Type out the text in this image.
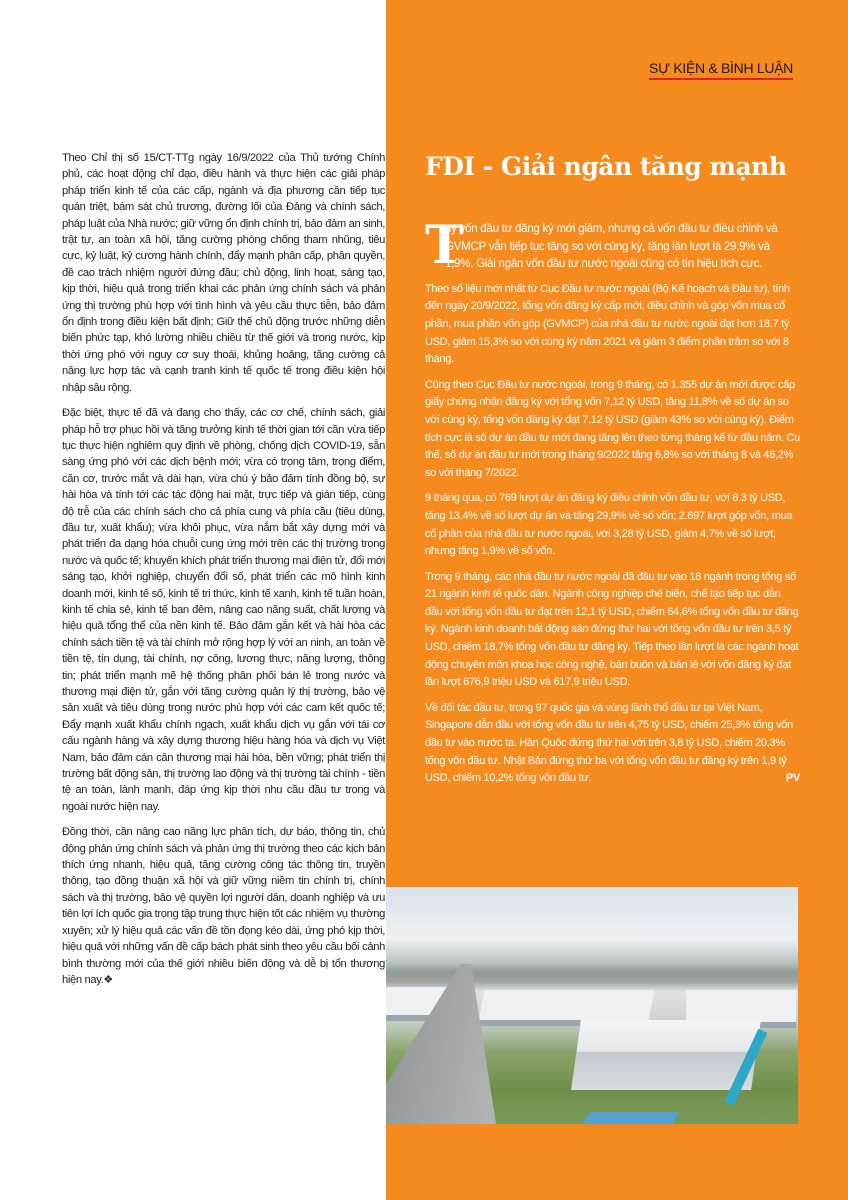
Theo Chỉ thị số 15/CT-TTg ngày 16/9/2022 của Thủ tướng Chính phủ, các hoạt động chỉ đạo, điều hành và thực hiện các giải pháp pháp triển kinh tế của các cấp, ngành và địa phương cần tiếp tục quán triệt, bám sát chủ trương, đường lối của Đảng và chính sách, pháp luật của Nhà nước; giữ vững ổn định chính trị, bảo đảm an sinh, trật tự, an toàn xã hội, tăng cường phòng chống tham nhũng, tiêu cực, kỷ luật, kỷ cương hành chính, đẩy mạnh phân cấp, phân quyền, đề cao trách nhiệm người đứng đầu; chủ động, linh hoạt, sáng tạo, kịp thời, hiệu quả trong triển khai các phản ứng chính sách và phản ứng thị trường phù hợp với tình hình và yêu cầu thực tiễn, bảo đảm ổn định trong điều kiện bất định; Giữ thế chủ động trước những diễn biến phức tạp, khó lường nhiều chiều từ thế giới và trong nước, kịp thời ứng phó với nguy cơ suy thoái, khủng hoảng, tăng cường cả năng lực hợp tác và cạnh tranh kinh tế quốc tế trong điều kiện hội nhập sâu rộng.

Đặc biệt, thực tế đã và đang cho thấy, các cơ chế, chính sách, giải pháp hỗ trợ phục hồi và tăng trưởng kinh tế thời gian tới cần vừa tiếp tục thực hiện nghiêm quy định về phòng, chống dịch COVID-19, sẵn sàng ứng phó với các dịch bệnh mới; vừa có trọng tâm, trọng điểm, căn cơ, trước mắt và dài hạn, vừa chú ý bảo đảm tính đồng bộ, sự hài hòa và tính tới các tác động hai mặt, trực tiếp và gián tiếp, cùng độ trễ của các chính sách cho cả phía cung và phía cầu (tiêu dùng, đầu tư, xuất khẩu); vừa khôi phục, vừa nắm bắt xây dựng mới và phát triển đa dạng hóa chuỗi cung ứng mới trên các thị trường trong nước và quốc tế; khuyến khích phát triển thương mại điện tử, đổi mới sáng tạo, khởi nghiệp, chuyển đổi số, phát triển các mô hình kinh doanh mới, kinh tế số, kinh tế tri thức, kinh tế xanh, kinh tế tuần hoàn, kinh tế chia sẻ, kinh tế ban đêm, nâng cao năng suất, chất lượng và hiệu quả tổng thể của nền kinh tế. Bảo đảm gắn kết và hài hòa các chính sách tiền tệ và tài chính mở rộng hợp lý với an ninh, an toàn về tiền tệ, tín dụng, tài chính, nợ công, lương thực, năng lượng, thông tin; phát triển mạnh mẽ hệ thống phân phối bán lẻ trong nước và thương mại điện tử, gắn với tăng cường quản lý thị trường, bảo vệ sản xuất và tiêu dùng trong nước phù hợp với các cam kết quốc tế; Đẩy mạnh xuất khẩu chính ngạch, xuất khẩu dịch vụ gắn với tái cơ cấu ngành hàng và xây dựng thương hiệu hàng hóa và dịch vụ Việt Nam, bảo đảm cán cân thương mại hài hòa, bền vững; phát triển thị trường bất động sản, thị trường lao động và thị trường tài chính - tiền tệ an toàn, lành mạnh, đáp ứng kịp thời nhu cầu đầu tư trong và ngoài nước hiện nay.

Đồng thời, cần nâng cao năng lực phân tích, dự báo, thông tin, chủ động phản ứng chính sách và phản ứng thị trường theo các kịch bản thích ứng nhanh, hiệu quả, tăng cường công tác thông tin, truyền thông, tạo đồng thuận xã hội và giữ vững niềm tin chính trị, chính sách và thị trường, bảo vệ quyền lợi người dân, doanh nghiệp và ưu tiên lợi ích quốc gia trọng tập trung thực hiện tốt các nhiệm vụ thường xuyên; xử lý hiệu quả các vấn đề tồn đọng kéo dài, ứng phó kịp thời, hiệu quả với những vấn đề cấp bách phát sinh theo yêu cầu bối cảnh bình thường mới của thế giới nhiều biến động và dễ bị tổn thương hiện nay.❖

SỰ KIỆN & BÌNH LUẬN
FDI - Giải ngân tăng mạnh

T
uy vốn đầu tư đăng ký mới giảm, nhưng cả vốn đầu tư điều chỉnh và GVMCP vẫn tiếp tục tăng so với cùng kỳ, tăng lần lượt là 29,9% và 1,9%. Giải ngân vốn đầu tư nước ngoài cũng có tín hiệu tích cực.

Theo số liệu mới nhất từ Cục Đầu tư nước ngoài (Bộ Kế hoạch và Đầu tư), tính đến ngày 20/9/2022, tổng vốn đăng ký cấp mới, điều chỉnh và góp vốn mua cổ phần, mua phần vốn góp (GVMCP) của nhà đầu tư nước ngoài đạt hơn 18,7 tỷ USD, giảm 15,3% so với cùng kỳ năm 2021 và giảm 3 điểm phần trăm so với 8 tháng.

Cũng theo Cục Đầu tư nước ngoài, trong 9 tháng, có 1.355 dự án mới được cấp giấy chứng nhận đăng ký với tổng vốn 7,12 tỷ USD, tăng 11,8% về số dự án so với cùng kỳ, tổng vốn đăng ký đạt 7,12 tỷ USD (giảm 43% so với cùng kỳ). Điểm tích cực là số dự án đầu tư mới đang tăng lên theo từng tháng kể từ đầu năm. Cụ thể, số dự án đầu tư mới trong tháng 9/2022 tăng 6,8% so với tháng 8 và 46,2% so với tháng 7/2022.

9 tháng qua, có 769 lượt dự án đăng ký điều chỉnh vốn đầu tư, với 8,3 tỷ USD, tăng 13,4% về số lượt dự án và tăng 29,9% về số vốn; 2.697 lượt góp vốn, mua cổ phần của nhà đầu tư nước ngoài, với 3,28 tỷ USD, giảm 4,7% về số lượt, nhưng tăng 1,9% về số vốn.

Trong 9 tháng, các nhà đầu tư nước ngoài đã đầu tư vào 18 ngành trong tổng số 21 ngành kinh tế quốc dân. Ngành công nghiệp chế biến, chế tạo tiếp tục dẫn đầu với tổng vốn đầu tư đạt trên 12,1 tỷ USD, chiếm 64,6% tổng vốn đầu tư đăng ký. Ngành kinh doanh bất động sản đứng thứ hai với tổng vốn đầu tư trên 3,5 tỷ USD, chiếm 18,7% tổng vốn đầu tư đăng ký. Tiếp theo lần lượt là các ngành hoạt động chuyên môn khoa học công nghệ, bán buôn và bán lẻ với vốn đăng ký đạt lần lượt 676,9 triệu USD và 617,9 triệu USD.

Về đối tác đầu tư, trong 97 quốc gia và vùng lãnh thổ đầu tư tại Việt Nam, Singapore dẫn đầu với tổng vốn đầu tư trên 4,75 tỷ USD, chiếm 25,3% tổng vốn đầu tư vào nước ta. Hàn Quốc đứng thứ hai với trên 3,8 tỷ USD, chiếm 20,3% tổng vốn đầu tư. Nhật Bản đứng thứ ba với tổng vốn đầu tư đăng ký trên 1,9 tỷ USD, chiếm 10,2% tổng vốn đầu tư.	PV
